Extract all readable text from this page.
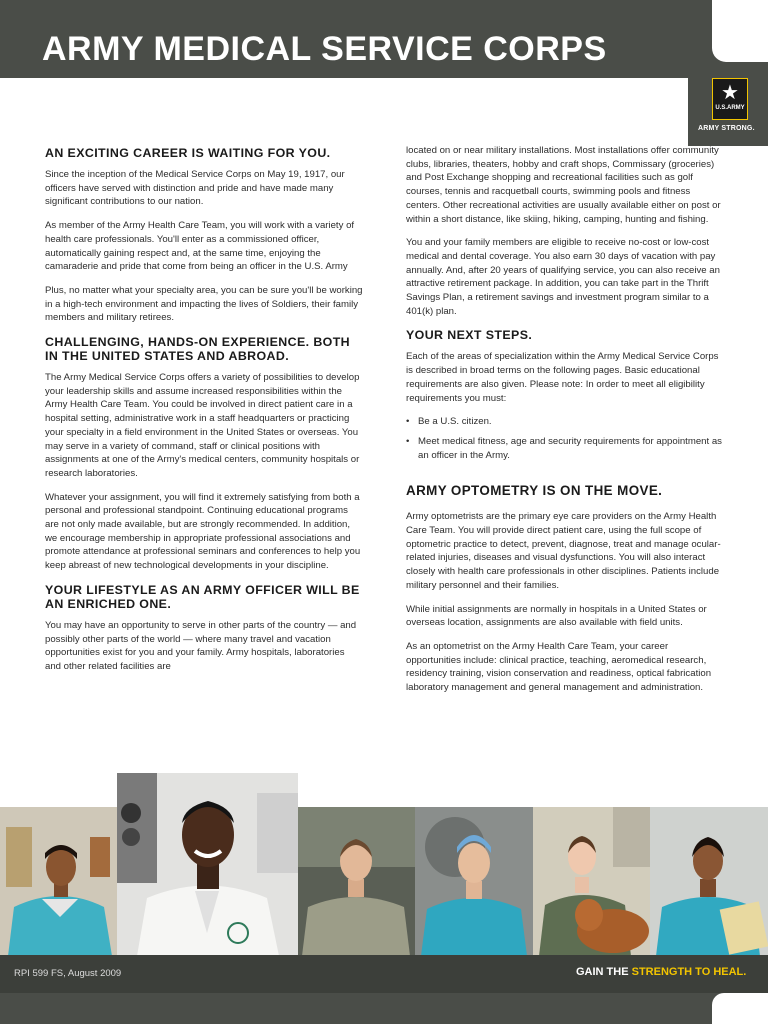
ARMY MEDICAL SERVICE CORPS
★
U.S.ARMY
ARMY STRONG.
AN EXCITING CAREER IS WAITING FOR YOU.

Since the inception of the Medical Service Corps on May 19, 1917, our officers have served with distinction and pride and have made many significant contributions to our nation.

As member of the Army Health Care Team, you will work with a variety of health care professionals. You'll enter as a commissioned officer, automatically gaining respect and, at the same time, enjoying the camaraderie and pride that come from being an officer in the U.S. Army

Plus, no matter what your specialty area, you can be sure you'll be working in a high-tech environment and impacting the lives of Soldiers, their family members and military retirees.

CHALLENGING, HANDS-ON EXPERIENCE. BOTH IN THE UNITED STATES AND ABROAD.

The Army Medical Service Corps offers a variety of possibilities to develop your leadership skills and assume increased responsibilities within the Army Health Care Team. You could be involved in direct patient care in a hospital setting, administrative work in a staff headquarters or practicing your specialty in a field environment in the United States or overseas. You may serve in a variety of command, staff or clinical positions with assignments at one of the Army's medical centers, community hospitals or research laboratories.

Whatever your assignment, you will find it extremely satisfying from both a personal and professional standpoint. Continuing educational programs are not only made available, but are strongly recommended. In addition, we encourage membership in appropriate professional associations and promote attendance at professional seminars and conferences to help you keep abreast of new technological developments in your discipline.

YOUR LIFESTYLE AS AN ARMY OFFICER WILL BE AN ENRICHED ONE.

You may have an opportunity to serve in other parts of the country — and possibly other parts of the world — where many travel and vacation opportunities exist for you and your family. Army hospitals, laboratories and other related facilities are

located on or near military installations. Most installations offer community clubs, libraries, theaters, hobby and craft shops, Commissary (groceries) and Post Exchange shopping and recreational facilities such as golf courses, tennis and racquetball courts, swimming pools and fitness centers. Other recreational activities are usually available either on post or within a short distance, like skiing, hiking, camping, hunting and fishing.

You and your family members are eligible to receive no-cost or low-cost medical and dental coverage. You also earn 30 days of vacation with pay annually. And, after 20 years of qualifying service, you can also receive an attractive retirement package. In addition, you can take part in the Thrift Savings Plan, a retirement savings and investment program similar to a 401(k) plan.

YOUR NEXT STEPS.

Each of the areas of specialization within the Army Medical Service Corps is described in broad terms on the following pages. Basic educational requirements are also given. Please note: In order to meet all eligibility requirements you must:

• Be a U.S. citizen.
• Meet medical fitness, age and security requirements for appointment as an officer in the Army.
ARMY OPTOMETRY IS ON THE MOVE.

Army optometrists are the primary eye care providers on the Army Health Care Team. You will provide direct patient care, using the full scope of optometric practice to detect, prevent, diagnose, treat and manage ocular-related injuries, diseases and visual dysfunctions. You will also interact closely with health care professionals in other disciplines. Patients include military personnel and their families.

While initial assignments are normally in hospitals in a United States or overseas location, assignments are also available with field units.

As an optometrist on the Army Health Care Team, your career opportunities include: clinical practice, teaching, aeromedical research, residency training, vision conservation and readiness, optical fabrication laboratory management and general management and administration.

RPI 599 FS, August 2009	GAIN THE STRENGTH TO HEAL.
